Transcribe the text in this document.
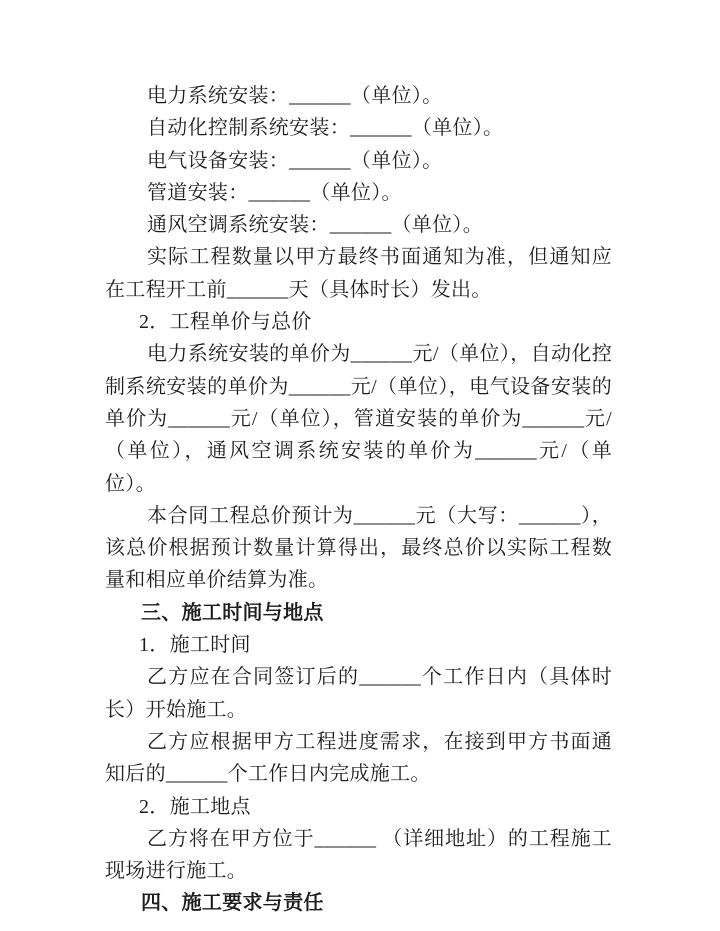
电力系统安装：______（单位）。

自动化控制系统安装：______（单位）。

电气设备安装：______（单位）。

管道安装：______（单位）。

通风空调系统安装：______（单位）。

实际工程数量以甲方最终书面通知为准，但通知应在工程开工前______天（具体时长）发出。

2．工程单价与总价

电力系统安装的单价为______元/（单位），自动化控制系统安装的单价为______元/（单位），电气设备安装的单价为______元/（单位），管道安装的单价为______元/（单位），通风空调系统安装的单价为______元/（单位）。

本合同工程总价预计为______元（大写：______），该总价根据预计数量计算得出，最终总价以实际工程数量和相应单价结算为准。

三、施工时间与地点

1．施工时间

乙方应在合同签订后的______个工作日内（具体时长）开始施工。

乙方应根据甲方工程进度需求，在接到甲方书面通知后的______个工作日内完成施工。

2．施工地点

乙方将在甲方位于______ （详细地址）的工程施工现场进行施工。

四、施工要求与责任
